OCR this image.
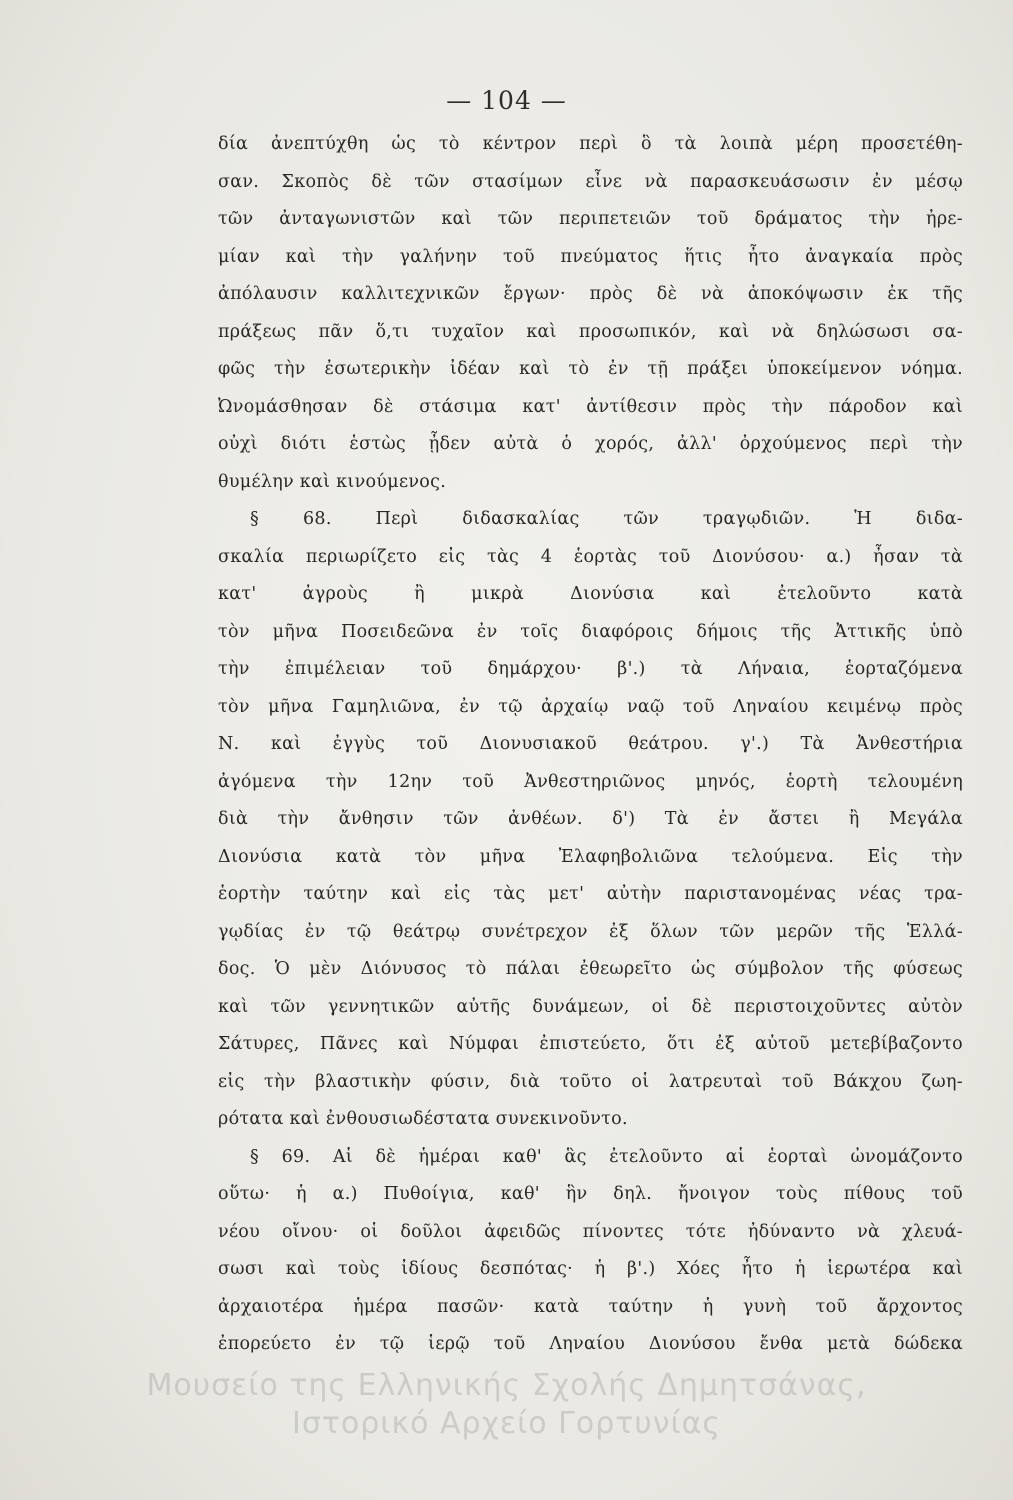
— 104 —
δία ἀνεπτύχθη ὡς τὸ κέντρον περὶ ὃ τὰ λοιπὰ μέρη προσετέθη-
σαν. Σκοπὸς δὲ τῶν στασίμων εἶνε νὰ παρασκευάσωσιν ἐν μέσῳ
τῶν ἀνταγωνιστῶν καὶ τῶν περιπετειῶν τοῦ δράματος τὴν ἠρε-
μίαν καὶ τὴν γαλήνην τοῦ πνεύματος ἥτις ἦτο ἀναγκαία πρὸς
ἀπόλαυσιν καλλιτεχνικῶν ἔργων· πρὸς δὲ νὰ ἀποκόψωσιν ἐκ τῆς
πράξεως πᾶν ὅ,τι τυχαῖον καὶ προσωπικόν, καὶ νὰ δηλώσωσι σα-
φῶς τὴν ἐσωτερικὴν ἰδέαν καὶ τὸ ἐν τῇ πράξει ὑποκείμενον νόημα.
Ὠνομάσθησαν δὲ στάσιμα κατ' ἀντίθεσιν πρὸς τὴν πάροδον καὶ
οὐχὶ διότι ἑστὼς ᾖδεν αὐτὰ ὁ χορός, ἀλλ' ὀρχούμενος περὶ τὴν
θυμέλην καὶ κινούμενος.
§ 68. Περὶ διδασκαλίας τῶν τραγῳδιῶν. Ἡ διδα-
σκαλία περιωρίζετο εἰς τὰς 4 ἑορτὰς τοῦ Διονύσου· α.) ἦσαν τὰ
κατ' ἀγροὺς ἢ μικρὰ Διονύσια καὶ ἐτελοῦντο κατὰ
τὸν μῆνα Ποσειδεῶνα ἐν τοῖς διαφόροις δήμοις τῆς Ἀττικῆς ὑπὸ
τὴν ἐπιμέλειαν τοῦ δημάρχου· β'.) τὰ Λήναια, ἑορταζόμενα
τὸν μῆνα Γαμηλιῶνα, ἐν τῷ ἀρχαίῳ ναῷ τοῦ Ληναίου κειμένῳ πρὸς
Ν. καὶ ἐγγὺς τοῦ Διονυσιακοῦ θεάτρου. γ'.) Τὰ Ἀνθεστήρια
ἀγόμενα τὴν 12ην τοῦ Ἀνθεστηριῶνος μηνός, ἑορτὴ τελουμένη
διὰ τὴν ἄνθησιν τῶν ἀνθέων. δ') Τὰ ἐν ἄστει ἢ Μεγάλα
Διονύσια κατὰ τὸν μῆνα Ἐλαφηβολιῶνα τελούμενα. Εἰς τὴν
ἑορτὴν ταύτην καὶ εἰς τὰς μετ' αὐτὴν παριστανομένας νέας τρα-
γῳδίας ἐν τῷ θεάτρῳ συνέτρεχον ἐξ ὅλων τῶν μερῶν τῆς Ἑλλά-
δος. Ὁ μὲν Διόνυσος τὸ πάλαι ἐθεωρεῖτο ὡς σύμβολον τῆς φύσεως
καὶ τῶν γεννητικῶν αὐτῆς δυνάμεων, οἱ δὲ περιστοιχοῦντες αὐτὸν
Σάτυρες, Πᾶνες καὶ Νύμφαι ἐπιστεύετο, ὅτι ἐξ αὐτοῦ μετεβίβαζοντο
εἰς τὴν βλαστικὴν φύσιν, διὰ τοῦτο οἱ λατρευταὶ τοῦ Βάκχου ζωη-
ρότατα καὶ ἐνθουσιωδέστατα συνεκινοῦντο.
§ 69. Αἱ δὲ ἡμέραι καθ' ἃς ἐτελοῦντο αἱ ἑορταὶ ὠνομάζοντο
οὕτω· ἡ α.) Πυθοίγια, καθ' ἣν δηλ. ἤνοιγον τοὺς πίθους τοῦ
νέου οἴνου· οἱ δοῦλοι ἀφειδῶς πίνοντες τότε ἠδύναντο νὰ χλευά-
σωσι καὶ τοὺς ἰδίους δεσπότας· ἡ β'.) Χόες ἦτο ἡ ἱερωτέρα καὶ
ἀρχαιοτέρα ἡμέρα πασῶν· κατὰ ταύτην ἡ γυνὴ τοῦ ἄρχοντος
ἐπορεύετο ἐν τῷ ἱερῷ τοῦ Ληναίου Διονύσου ἔνθα μετὰ δώδεκα
Μουσείο της Ελληνικής Σχολής Δημητσάνας,
Ιστορικό Αρχείο Γορτυνίας
